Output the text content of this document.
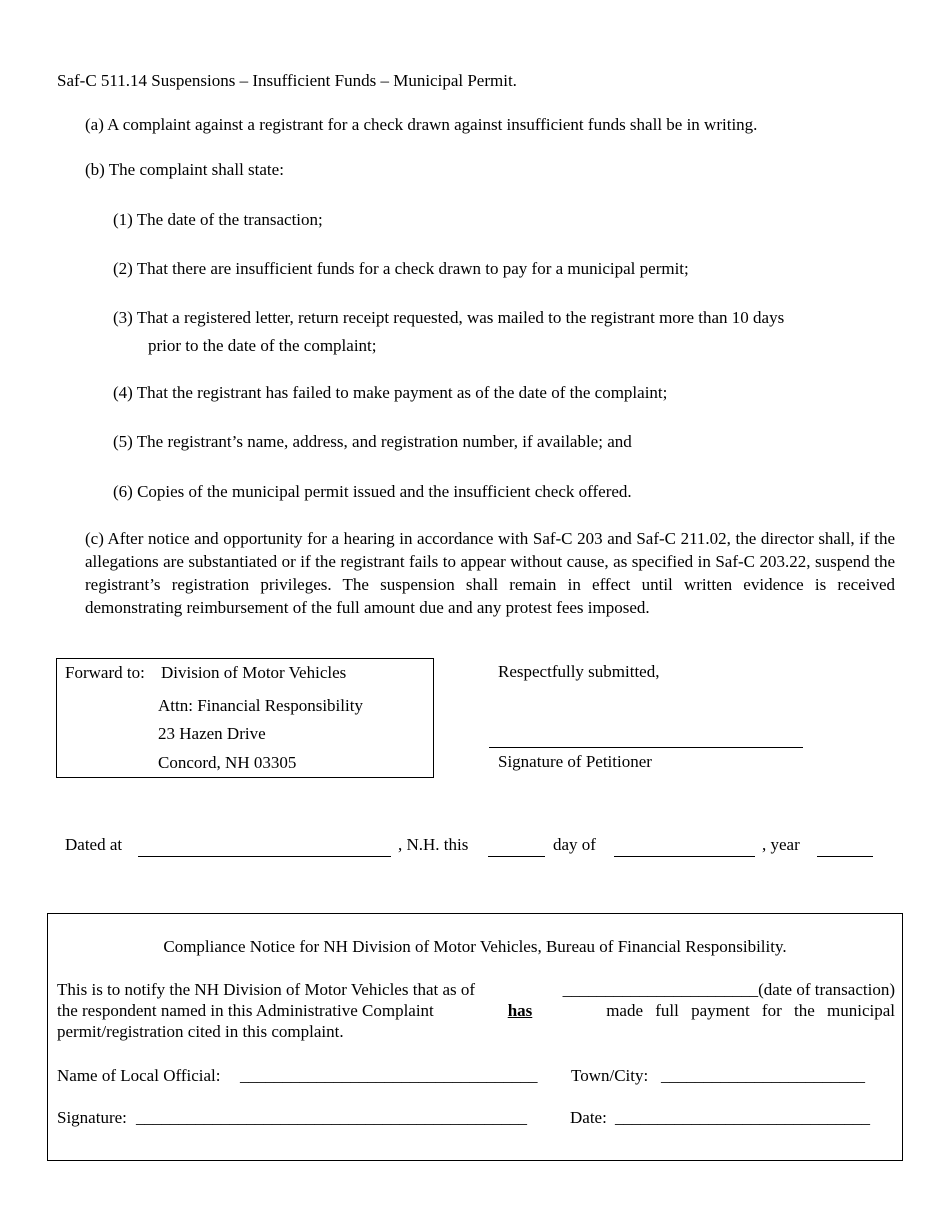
Saf-C 511.14 Suspensions – Insufficient Funds – Municipal Permit.
(a) A complaint against a registrant for a check drawn against insufficient funds shall be in writing.
(b) The complaint shall state:
(1) The date of the transaction;
(2) That there are insufficient funds for a check drawn to pay for a municipal permit;
(3) That a registered letter, return receipt requested, was mailed to the registrant more than 10 days
prior to the date of the complaint;
(4) That the registrant has failed to make payment as of the date of the complaint;
(5) The registrant’s name, address, and registration number, if available; and
(6) Copies of the municipal permit issued and the insufficient check offered.
(c) After notice and opportunity for a hearing in accordance with Saf-C 203 and Saf-C 211.02, the director shall, if the allegations are substantiated or if the registrant fails to appear without cause, as specified in Saf-C 203.22, suspend the registrant’s registration privileges. The suspension shall remain in effect until written evidence is received demonstrating reimbursement of the full amount due and any protest fees imposed.
Forward to: Division of Motor Vehicles
Attn: Financial Responsibility
23 Hazen Drive
Concord, NH 03305
Respectfully submitted,
Signature of Petitioner
Dated at	, N.H. this	day of	, year
Compliance Notice for NH Division of Motor Vehicles, Bureau of Financial Responsibility.
This is to notify the NH Division of Motor Vehicles that as of	_______________________(date of transaction)
the respondent named in this Administrative Complaint	has	made full payment for the municipal
permit/registration cited in this complaint.
Name of Local Official: ___________________________________ Town/City: ________________________
Signature: ______________________________________________	Date: ______________________________
